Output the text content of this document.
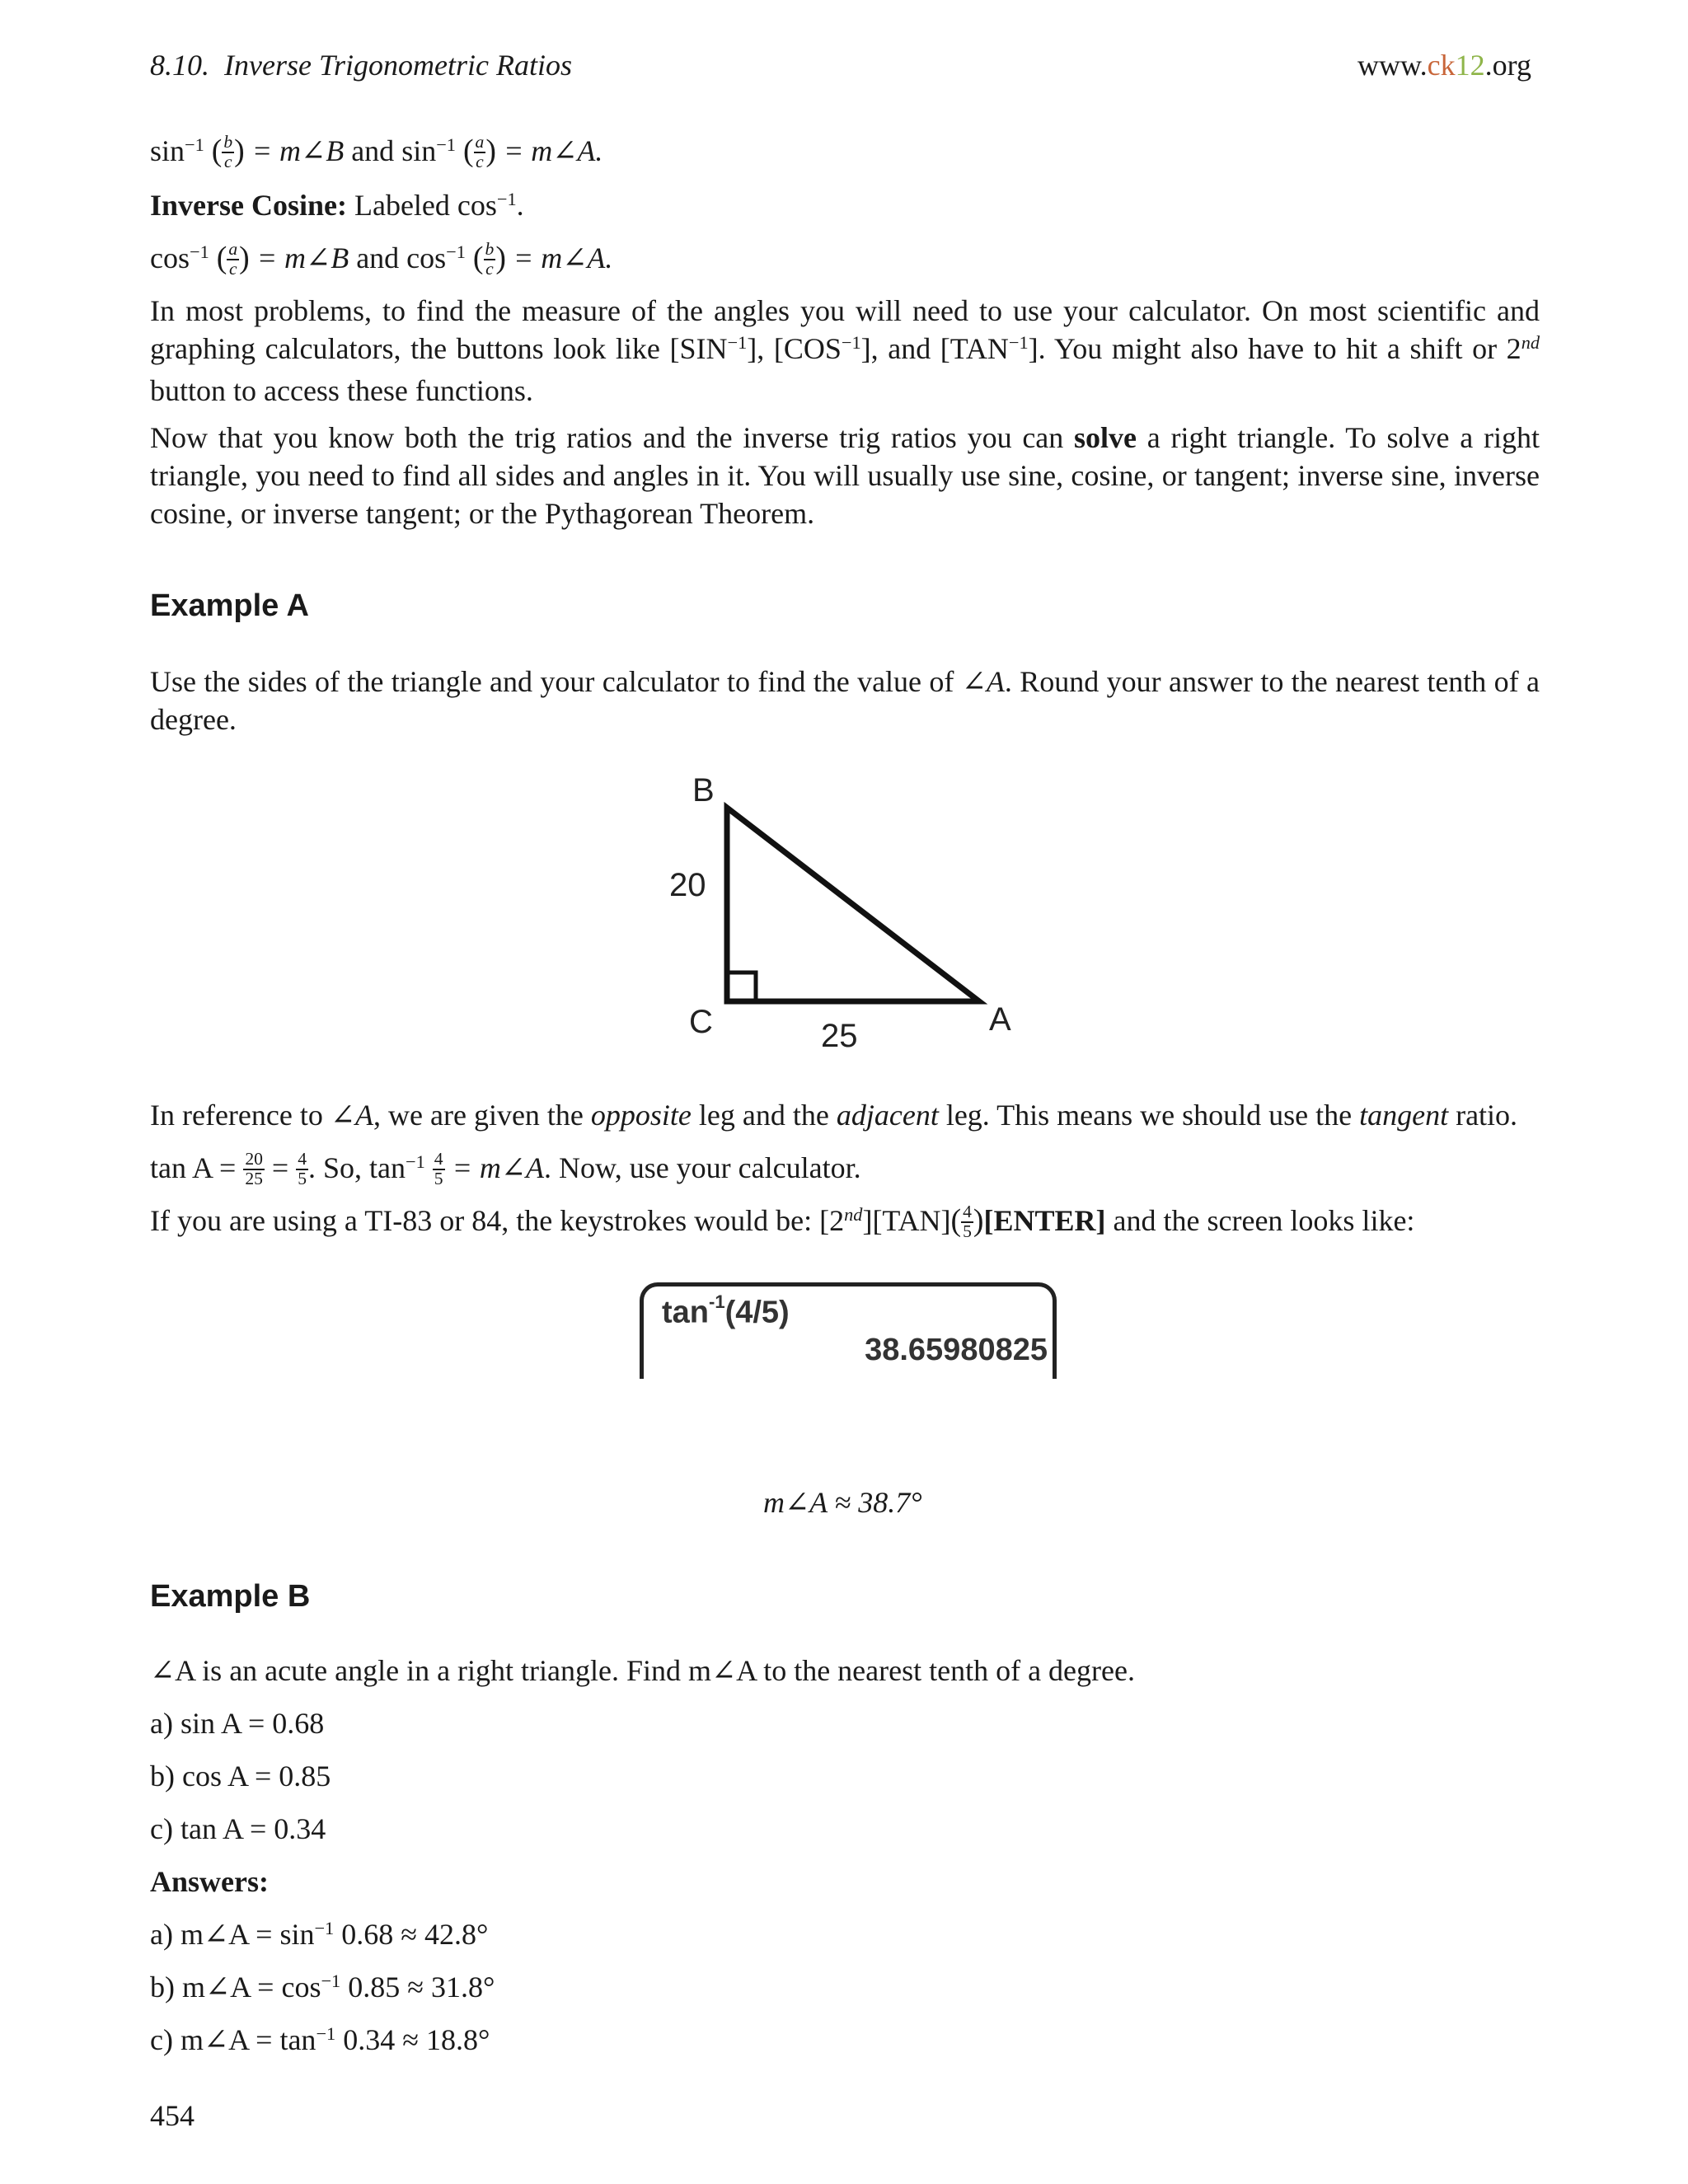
8.10. Inverse Trigonometric Ratios	www.ck12.org
$\sin^{-1}$ ( $\frac{b}{c}$ ) = m∠B and $\sin^{-1}$ ( $\frac{a}{c}$ ) = m∠A.
Inverse Cosine: Labeled $\cos^{-1}$.
$\cos^{-1}$ ( $\frac{a}{c}$ ) = m∠B and $\cos^{-1}$ ( $\frac{b}{c}$ ) = m∠A.
In most problems, to find the measure of the angles you will need to use your calculator. On most scientific and graphing calculators, the buttons look like $[SIN^{-1}]$, $[COS^{-1}]$, and $[TAN^{-1}]$. You might also have to hit a shift or 2nd button to access these functions.
Now that you know both the trig ratios and the inverse trig ratios you can solve a right triangle. To solve a right triangle, you need to find all sides and angles in it. You will usually use sine, cosine, or tangent; inverse sine, inverse cosine, or inverse tangent; or the Pythagorean Theorem.
Example A
Use the sides of the triangle and your calculator to find the value of ∠A. Round your answer to the nearest tenth of a degree.
B
20
C	25	A
In reference to ∠A, we are given the opposite leg and the adjacent leg. This means we should use the tangent ratio.
$\tan A = \frac{20}{25} = \frac{4}{5}$ . So, $\tan^{-1} \frac{4}{5}$ = m∠A. Now, use your calculator.
If you are using a TI-83 or 84, the keystrokes would be: $[2nd][TAN]( \frac{4}{5}$ )[ENTER] and the screen looks like:
$\tan^{-1}(4/5)$
38.65980825
m∠A ≈ 38.7°
Example B
∠A is an acute angle in a right triangle. Find m∠A to the nearest tenth of a degree.
a) sin A = 0.68
b) cos A = 0.85
c) tan A = 0.34
Answers:
a) m∠A = $\sin^{-1} 0.68 \approx 42.8^\circ$
b) m∠A = $\cos^{-1} 0.85 \approx 31.8^\circ$
c) m∠A = $\tan^{-1} 0.34 \approx 18.8^\circ$
454
